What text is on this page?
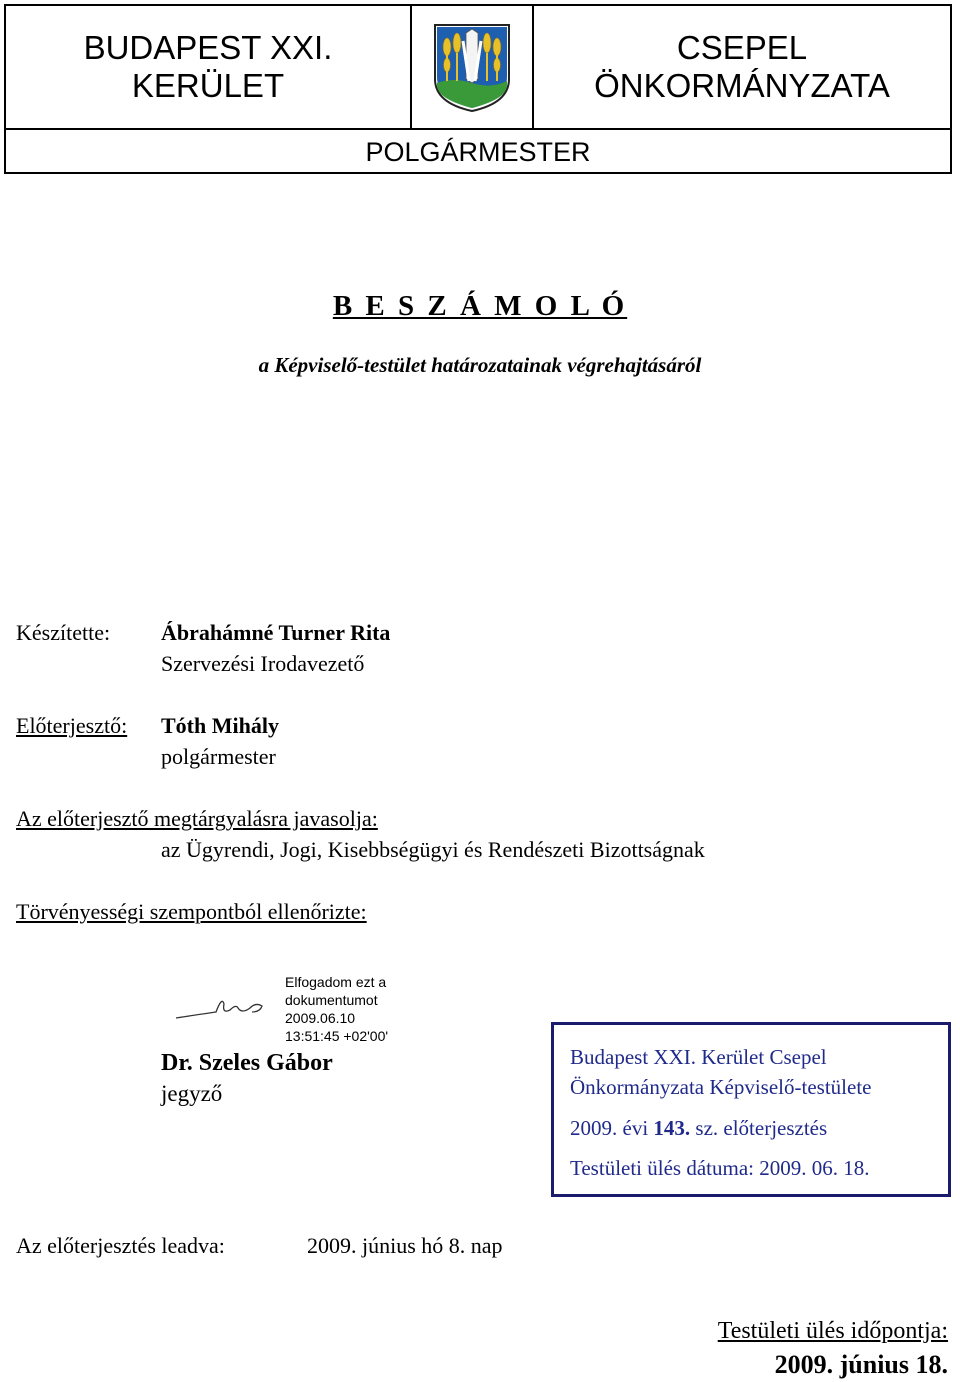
BUDAPEST XXI.
KERÜLET
CSEPEL
ÖNKORMÁNYZATA
POLGÁRMESTER
B E S Z Á M O L Ó
a Képviselő-testület határozatainak végrehajtásáról
Készítette: Ábrahámné Turner Rita
Szervezési Irodavezető
Előterjesztő: Tóth Mihály
polgármester
Az előterjesztő megtárgyalásra javasolja:
az Ügyrendi, Jogi, Kisebbségügyi és Rendészeti Bizottságnak
Törvényességi szempontból ellenőrizte:
Elfogadom ezt a
dokumentumot
2009.06.10
13:51:45 +02'00'
Dr. Szeles Gábor
jegyző
Budapest XXI. Kerület Csepel
Önkormányzata Képviselő-testülete
2009. évi 143. sz. előterjesztés
Testületi ülés dátuma: 2009. 06. 18.
Az előterjesztés leadva:	2009. június hó 8. nap
Testületi ülés időpontja:
2009. június 18.
